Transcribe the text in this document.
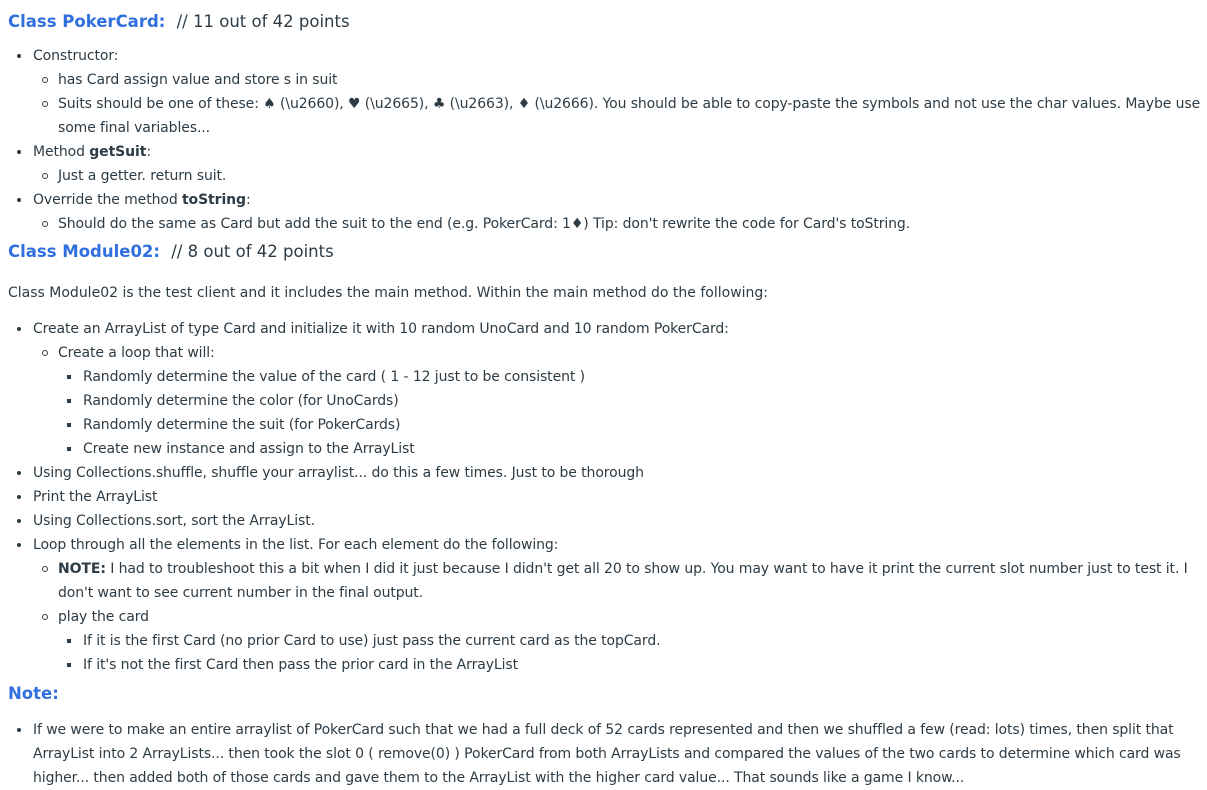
Class PokerCard: // 11 out of 42 points
Constructor:
has Card assign value and store s in suit
Suits should be one of these: ♠ (\u2660), ♥ (\u2665), ♣ (\u2663), ♦ (\u2666). You should be able to copy-paste the symbols and not use the char values. Maybe use
some final variables...
Method getSuit:
Just a getter. return suit.
Override the method toString:
Should do the same as Card but add the suit to the end (e.g. PokerCard: 1♦) Tip: don't rewrite the code for Card's toString.
Class Module02: // 8 out of 42 points
Class Module02 is the test client and it includes the main method. Within the main method do the following:
Create an ArrayList of type Card and initialize it with 10 random UnoCard and 10 random PokerCard:
Create a loop that will:
Randomly determine the value of the card ( 1 - 12 just to be consistent )
Randomly determine the color (for UnoCards)
Randomly determine the suit (for PokerCards)
Create new instance and assign to the ArrayList
Using Collections.shuffle, shuffle your arraylist... do this a few times. Just to be thorough
Print the ArrayList
Using Collections.sort, sort the ArrayList.
Loop through all the elements in the list. For each element do the following:
NOTE: I had to troubleshoot this a bit when I did it just because I didn't get all 20 to show up. You may want to have it print the current slot number just to test it. I
don't want to see current number in the final output.
play the card
If it is the first Card (no prior Card to use) just pass the current card as the topCard.
If it's not the first Card then pass the prior card in the ArrayList
Note:
If we were to make an entire arraylist of PokerCard such that we had a full deck of 52 cards represented and then we shuffled a few (read: lots) times, then split that
ArrayList into 2 ArrayLists... then took the slot 0 ( remove(0) ) PokerCard from both ArrayLists and compared the values of the two cards to determine which card was
higher... then added both of those cards and gave them to the ArrayList with the higher card value... That sounds like a game I know...
